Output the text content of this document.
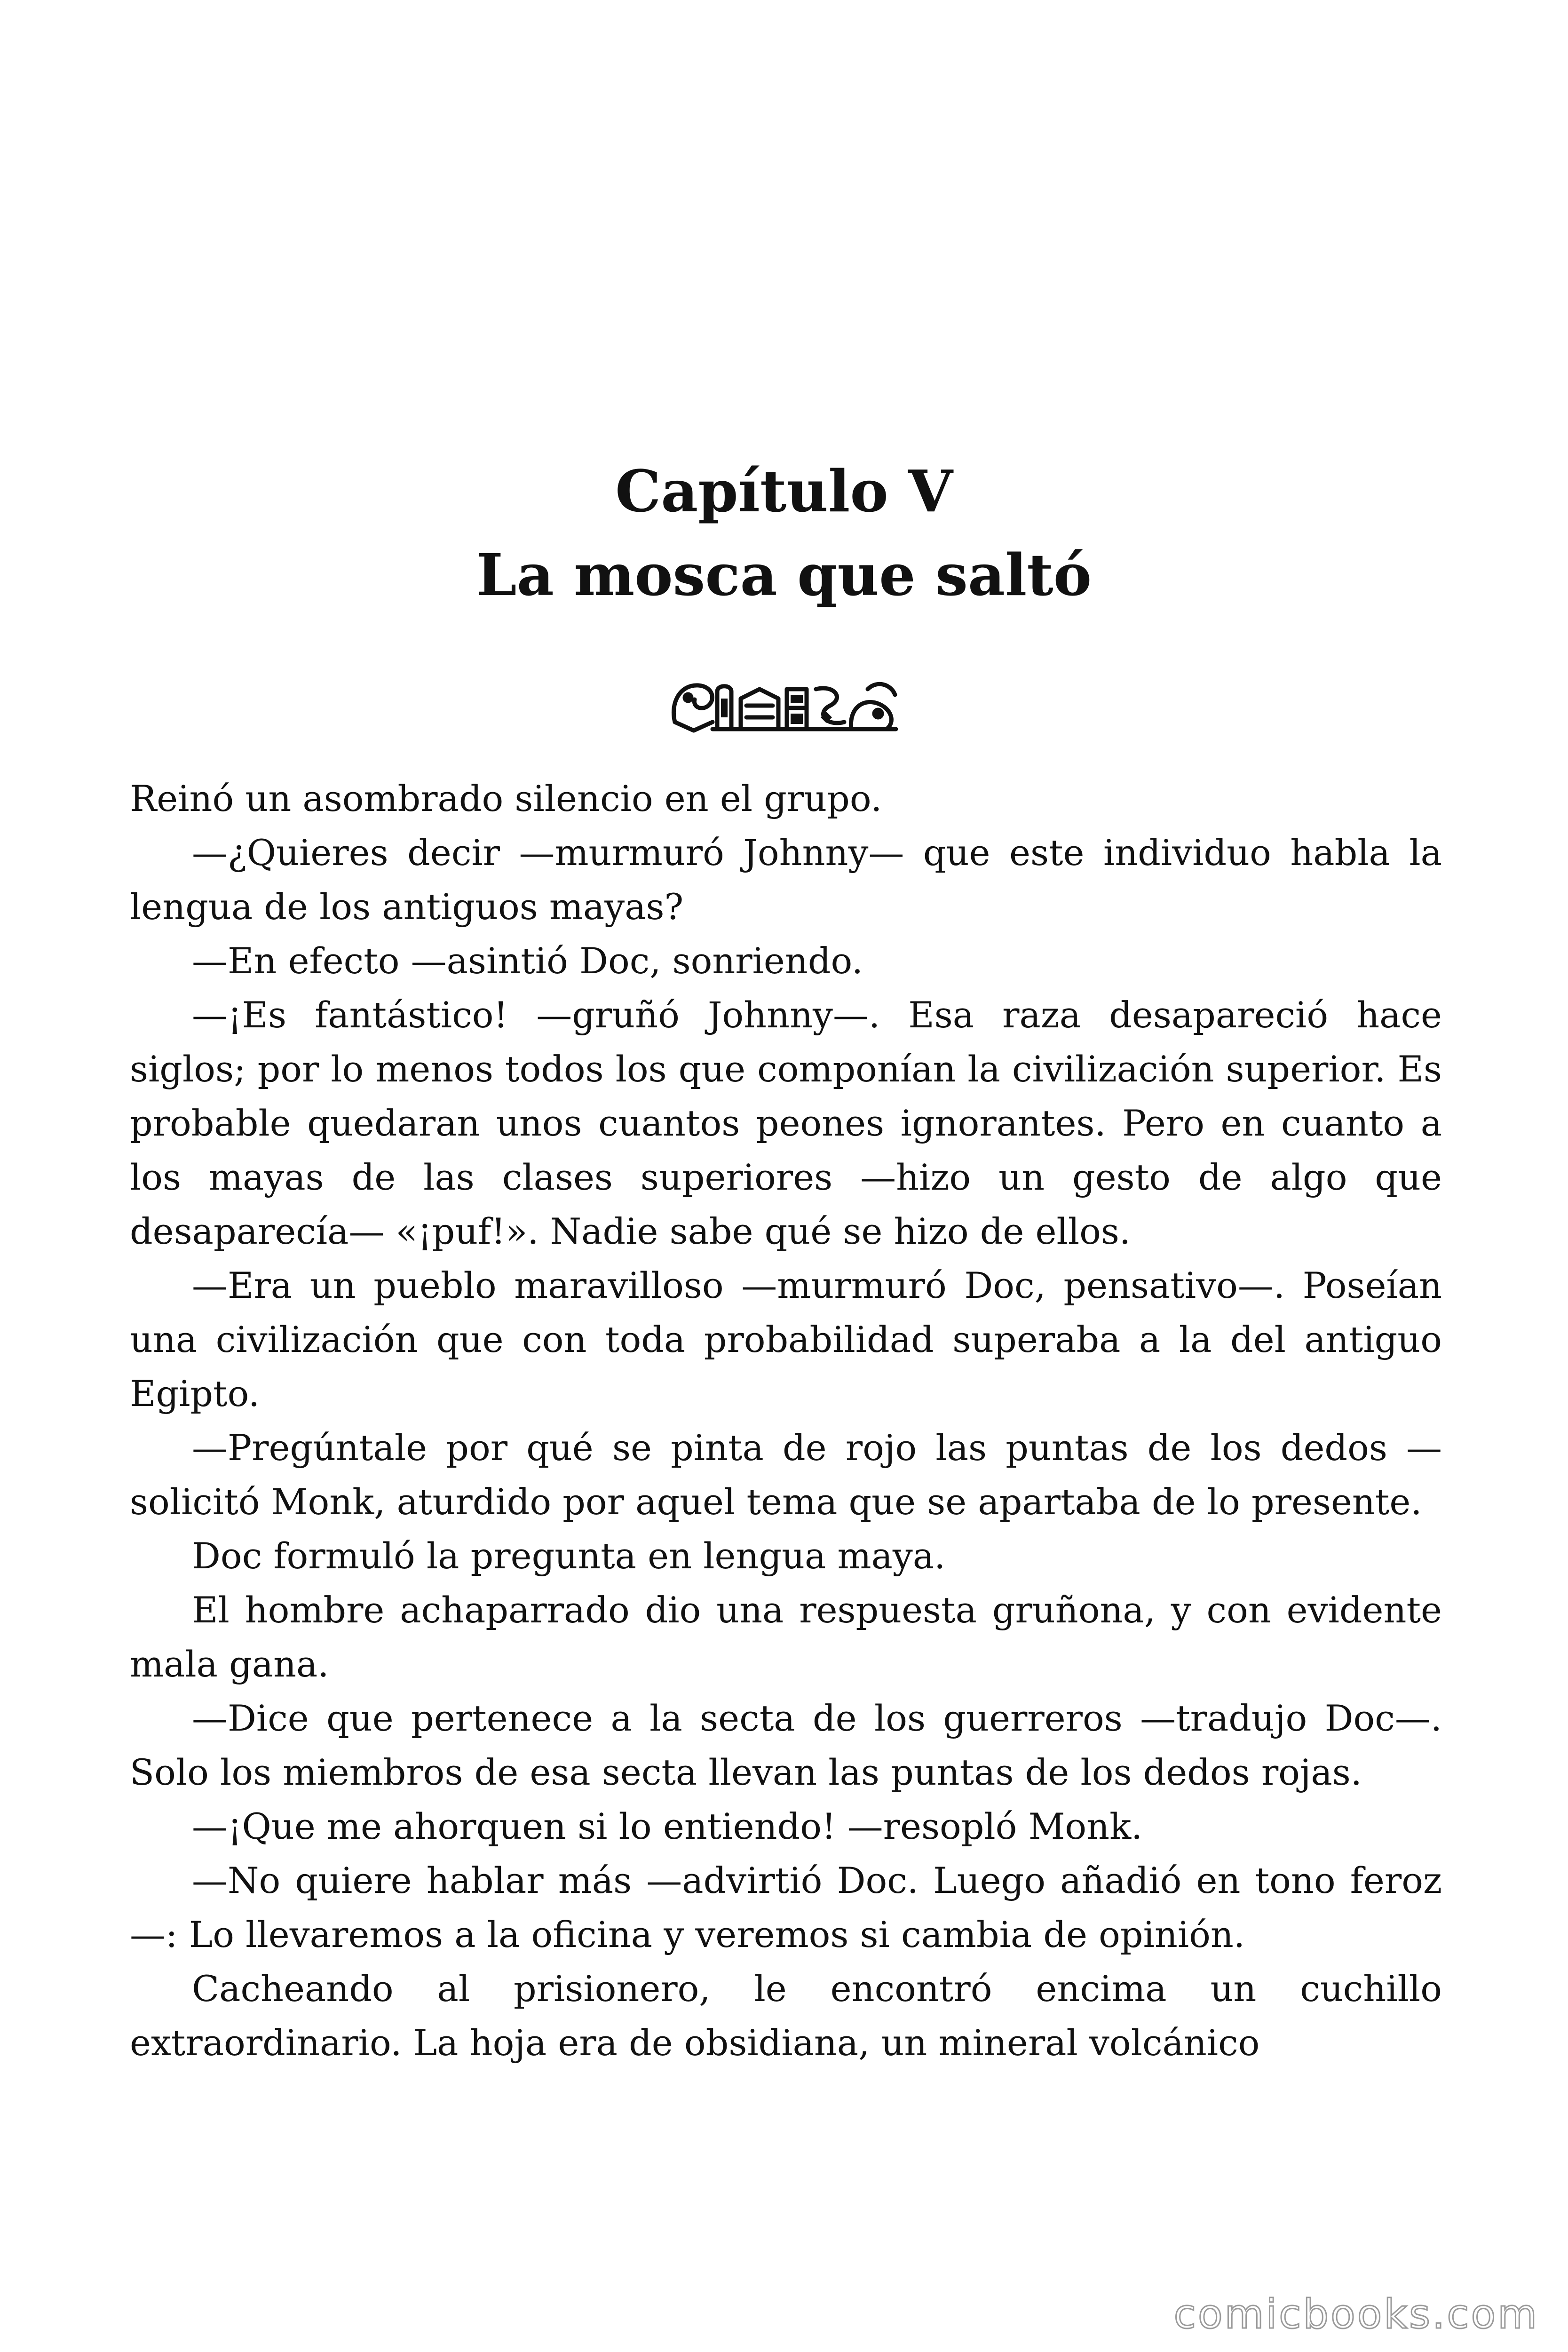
Capítulo V
La mosca que saltó

Reinó un asombrado silencio en el grupo.

—¿Quieres decir —murmuró Johnny— que este individuo habla la lengua de los antiguos mayas?

—En efecto —asintió Doc, sonriendo.

—¡Es fantástico! —gruñó Johnny—. Esa raza desapareció hace siglos; por lo menos todos los que componían la civilización superior. Es probable quedaran unos cuantos peones ignorantes. Pero en cuanto a los mayas de las clases superiores —hizo un gesto de algo que desaparecía— «¡puf!». Nadie sabe qué se hizo de ellos.

—Era un pueblo maravilloso —murmuró Doc, pensativo—. Poseían una civilización que con toda probabilidad superaba a la del antiguo Egipto.

—Pregúntale por qué se pinta de rojo las puntas de los dedos —solicitó Monk, aturdido por aquel tema que se apartaba de lo presente.

Doc formuló la pregunta en lengua maya.

El hombre achaparrado dio una respuesta gruñona, y con evidente mala gana.

—Dice que pertenece a la secta de los guerreros —tradujo Doc—. Solo los miembros de esa secta llevan las puntas de los dedos rojas.

—¡Que me ahorquen si lo entiendo! —resopló Monk.

—No quiere hablar más —advirtió Doc. Luego añadió en tono feroz—: Lo llevaremos a la oficina y veremos si cambia de opinión.

Cacheando al prisionero, le encontró encima un cuchillo extraordinario. La hoja era de obsidiana, un mineral volcánico

comicbooks.com
